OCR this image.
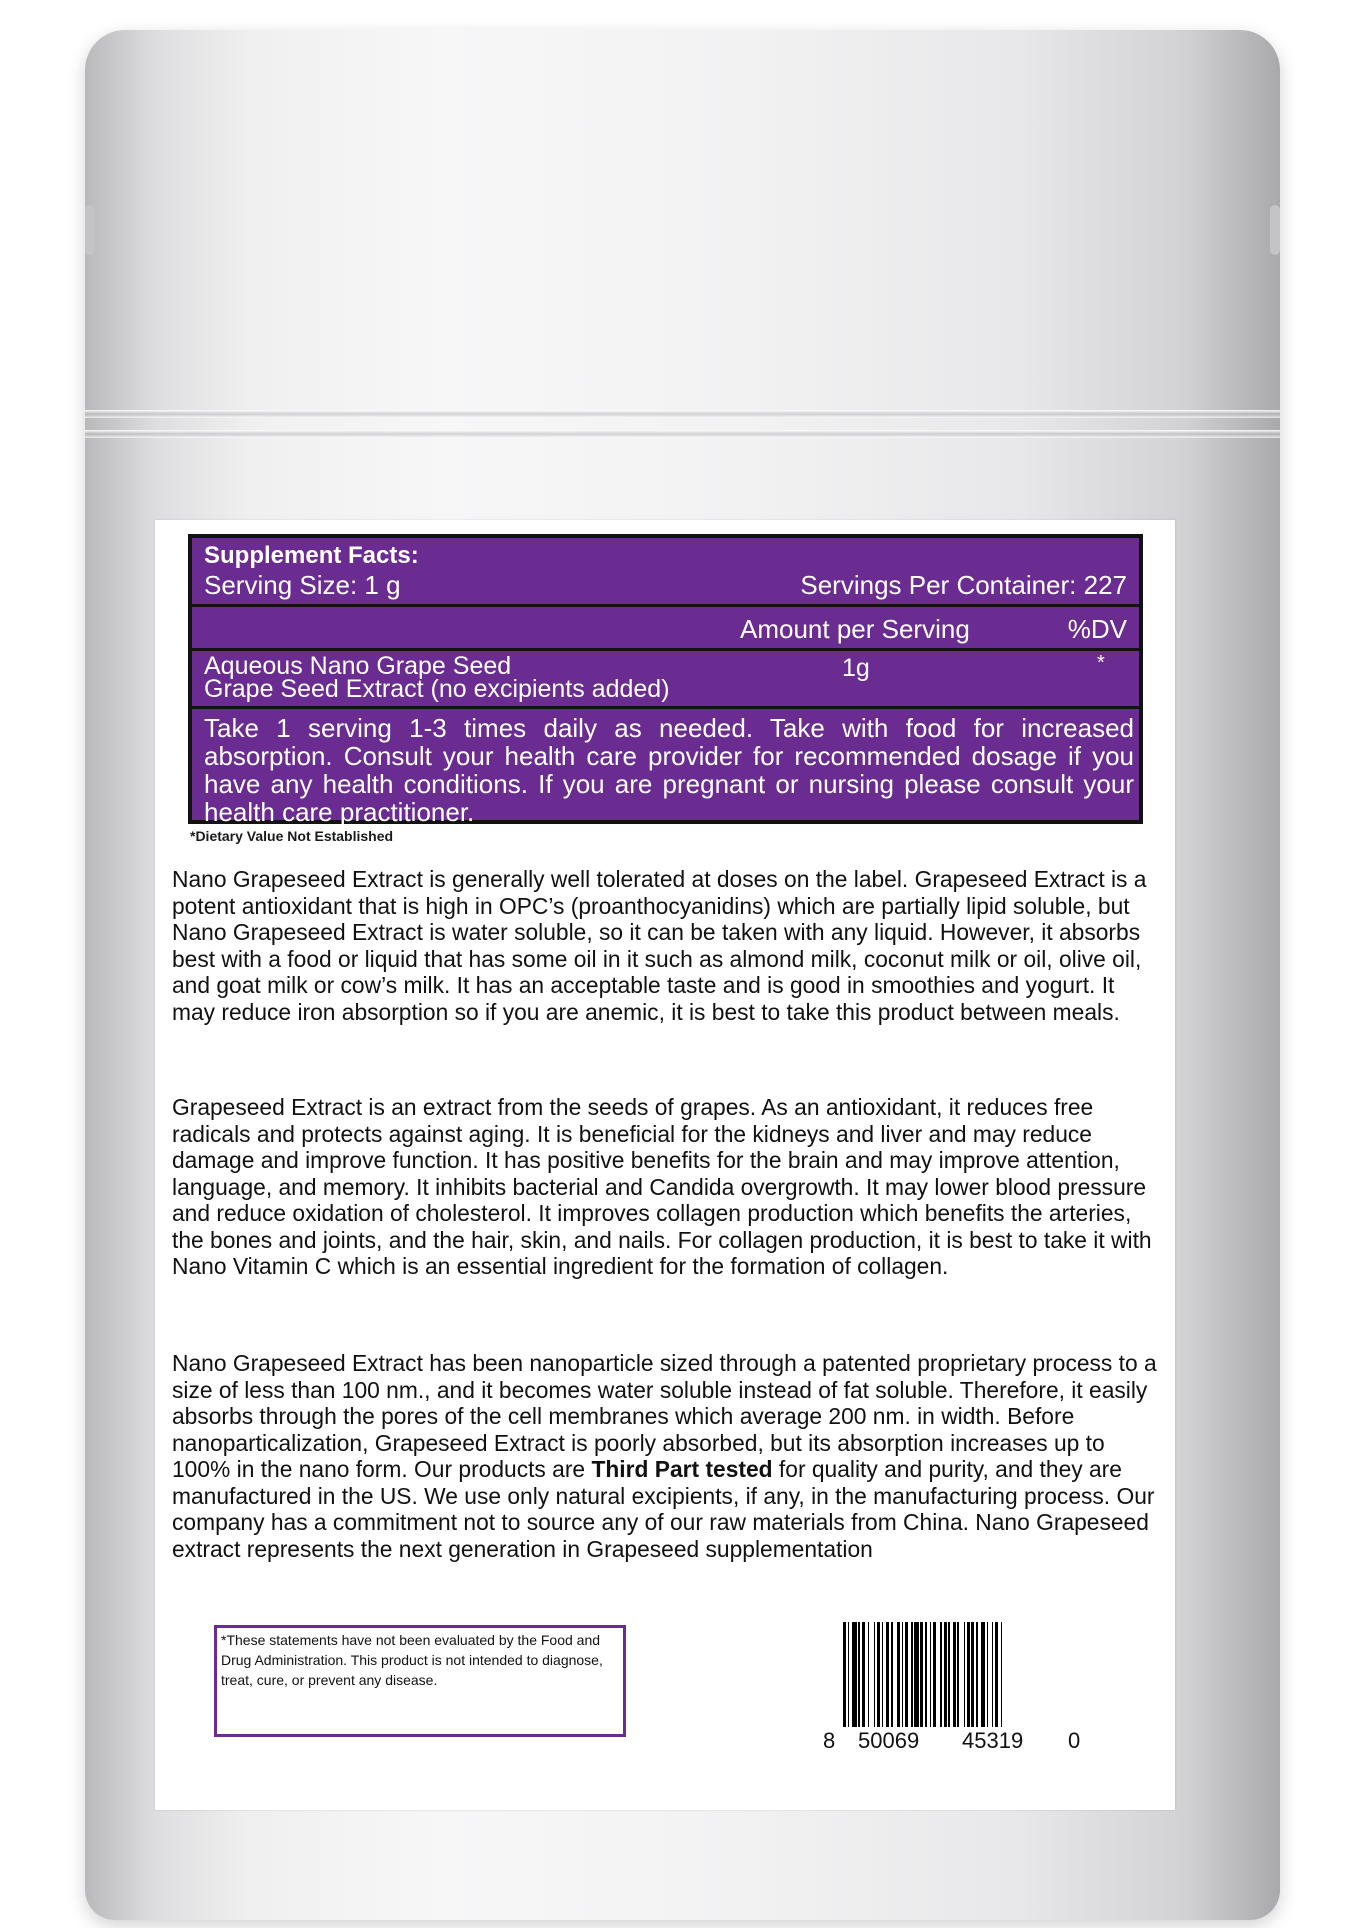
Supplement Facts:
Serving Size: 1 g	Servings Per Container: 227
Amount per Serving	%DV
Aqueous Nano Grape Seed
Grape Seed Extract (no excipients added)
1g	*
Take 1 serving 1-3 times daily as needed. Take with food for increased absorption. Consult your health care provider for recommended dosage if you have any health conditions. If you are pregnant or nursing please consult your health care practitioner.
*Dietary Value Not Established
Nano Grapeseed Extract is generally well tolerated at doses on the label. Grapeseed Extract is a potent antioxidant that is high in OPC’s (proanthocyanidins) which are partially lipid soluble, but Nano Grapeseed Extract is water soluble, so it can be taken with any liquid. However, it absorbs best with a food or liquid that has some oil in it such as almond milk, coconut milk or oil, olive oil, and goat milk or cow’s milk. It has an acceptable taste and is good in smoothies and yogurt. It may reduce iron absorption so if you are anemic, it is best to take this product between meals.
Grapeseed Extract is an extract from the seeds of grapes. As an antioxidant, it reduces free radicals and protects against aging. It is beneficial for the kidneys and liver and may reduce damage and improve function. It has positive benefits for the brain and may improve attention, language, and memory. It inhibits bacterial and Candida overgrowth. It may lower blood pressure and reduce oxidation of cholesterol. It improves collagen production which benefits the arteries, the bones and joints, and the hair, skin, and nails. For collagen production, it is best to take it with Nano Vitamin C which is an essential ingredient for the formation of collagen.
Nano Grapeseed Extract has been nanoparticle sized through a patented proprietary process to a size of less than 100 nm., and it becomes water soluble instead of fat soluble. Therefore, it easily absorbs through the pores of the cell membranes which average 200 nm. in width. Before nanoparticalization, Grapeseed Extract is poorly absorbed, but its absorption increases up to 100% in the nano form. Our products are Third Part tested for quality and purity, and they are manufactured in the US. We use only natural excipients, if any, in the manufacturing process. Our company has a commitment not to source any of our raw materials from China. Nano Grapeseed extract represents the next generation in Grapeseed supplementation
*These statements have not been evaluated by the Food and Drug Administration. This product is not intended to diagnose, treat, cure, or prevent any disease.
8 50069 45319 0
